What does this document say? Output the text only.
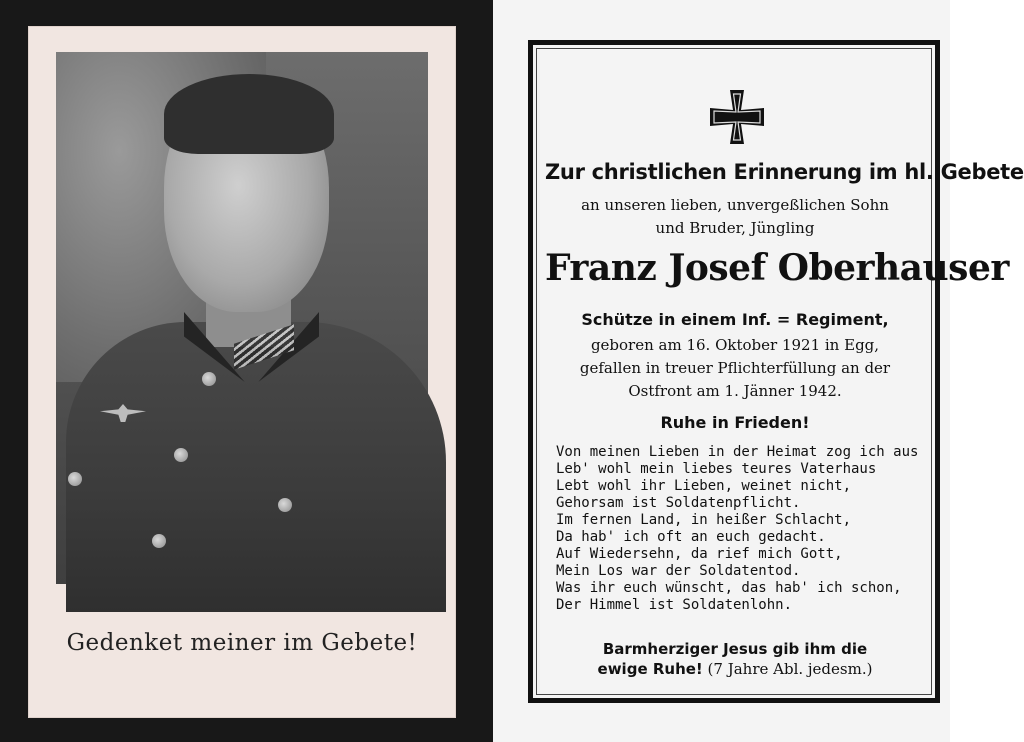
Gedenket meiner im Gebete!
Zur christlichen Erinnerung im hl. Gebete
an unseren lieben, unvergeßlichen Sohn
und Bruder, Jüngling
Franz Josef Oberhauser
Schütze in einem Inf. = Regiment,
geboren am 16. Oktober 1921 in Egg,
gefallen in treuer Pflichterfüllung an der
Ostfront am 1. Jänner 1942.
Ruhe in Frieden!
Von meinen Lieben in der Heimat zog ich aus
Leb' wohl mein liebes teures Vaterhaus
Lebt wohl ihr Lieben, weinet nicht,
Gehorsam ist Soldatenpflicht.
Im fernen Land, in heißer Schlacht,
Da hab' ich oft an euch gedacht.
Auf Wiedersehn, da rief mich Gott,
Mein Los war der Soldatentod.
Was ihr euch wünscht, das hab' ich schon,
Der Himmel ist Soldatenlohn.
Barmherziger Jesus gib ihm die
ewige Ruhe! (7 Jahre Abl. jedesm.)
